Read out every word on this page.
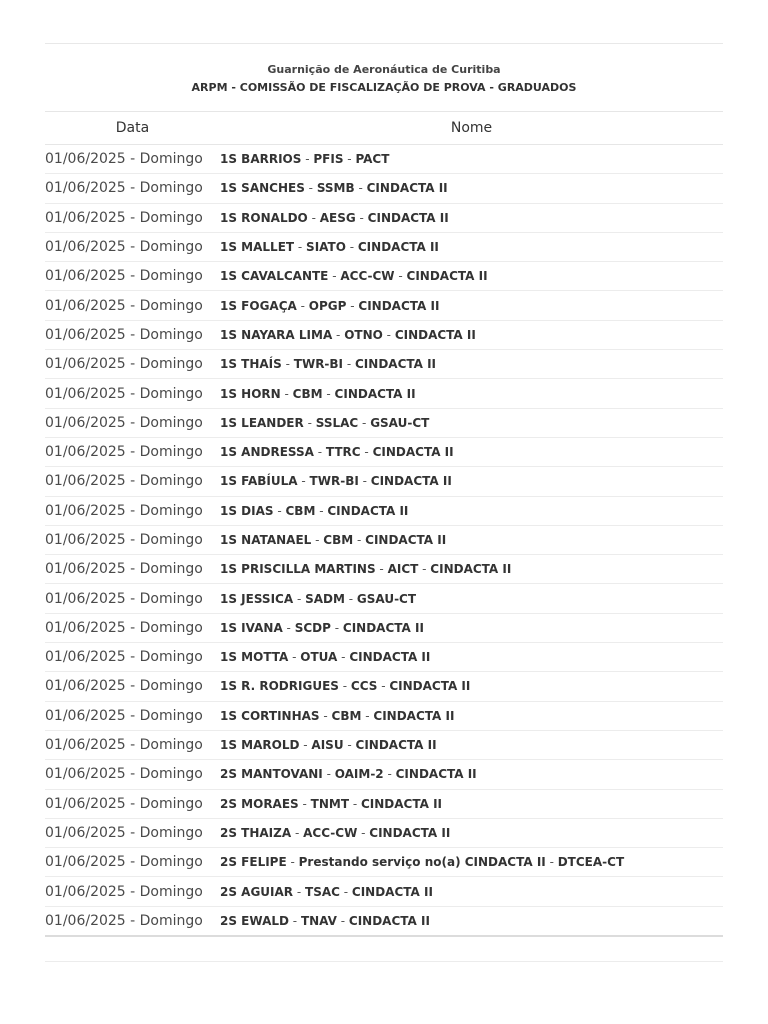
Guarnição de Aeronáutica de Curitiba
ARPM - COMISSÃO DE FISCALIZAÇÃO DE PROVA - GRADUADOS
Data	Nome
01/06/2025 - Domingo	1S BARRIOS - PFIS - PACT
01/06/2025 - Domingo	1S SANCHES - SSMB - CINDACTA II
01/06/2025 - Domingo	1S RONALDO - AESG - CINDACTA II
01/06/2025 - Domingo	1S MALLET - SIATO - CINDACTA II
01/06/2025 - Domingo	1S CAVALCANTE - ACC-CW - CINDACTA II
01/06/2025 - Domingo	1S FOGAÇA - OPGP - CINDACTA II
01/06/2025 - Domingo	1S NAYARA LIMA - OTNO - CINDACTA II
01/06/2025 - Domingo	1S THAÍS - TWR-BI - CINDACTA II
01/06/2025 - Domingo	1S HORN - CBM - CINDACTA II
01/06/2025 - Domingo	1S LEANDER - SSLAC - GSAU-CT
01/06/2025 - Domingo	1S ANDRESSA - TTRC - CINDACTA II
01/06/2025 - Domingo	1S FABÍULA - TWR-BI - CINDACTA II
01/06/2025 - Domingo	1S DIAS - CBM - CINDACTA II
01/06/2025 - Domingo	1S NATANAEL - CBM - CINDACTA II
01/06/2025 - Domingo	1S PRISCILLA MARTINS - AICT - CINDACTA II
01/06/2025 - Domingo	1S JESSICA - SADM - GSAU-CT
01/06/2025 - Domingo	1S IVANA - SCDP - CINDACTA II
01/06/2025 - Domingo	1S MOTTA - OTUA - CINDACTA II
01/06/2025 - Domingo	1S R. RODRIGUES - CCS - CINDACTA II
01/06/2025 - Domingo	1S CORTINHAS - CBM - CINDACTA II
01/06/2025 - Domingo	1S MAROLD - AISU - CINDACTA II
01/06/2025 - Domingo	2S MANTOVANI - OAIM-2 - CINDACTA II
01/06/2025 - Domingo	2S MORAES - TNMT - CINDACTA II
01/06/2025 - Domingo	2S THAIZA - ACC-CW - CINDACTA II
01/06/2025 - Domingo	2S FELIPE - Prestando serviço no(a) CINDACTA II - DTCEA-CT
01/06/2025 - Domingo	2S AGUIAR - TSAC - CINDACTA II
01/06/2025 - Domingo	2S EWALD - TNAV - CINDACTA II
